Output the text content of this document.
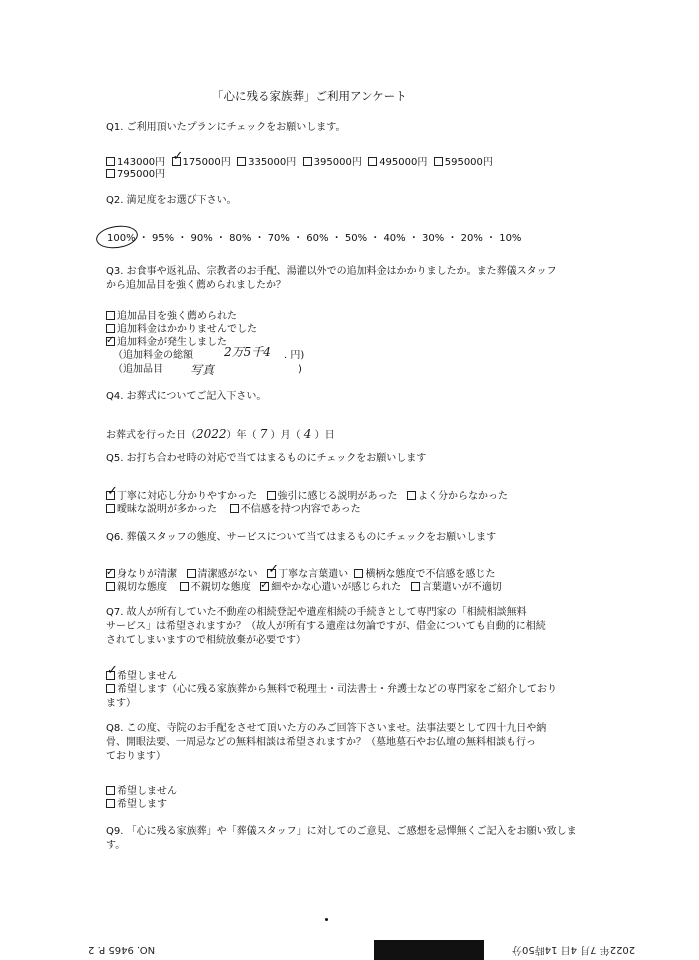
「心に残る家族葬」ご利用アンケート
Q1. ご利用頂いたプランにチェックをお願いします。
143000円 ✓ 175000円 335000円 395000円 495000円 595000円
795000円
Q2. 満足度をお選び下さい。
100% ・ 95% ・ 90% ・ 80% ・ 70% ・ 60% ・ 50% ・ 40% ・ 30% ・ 20% ・ 10%
Q3. お食事や返礼品、宗教者のお手配、湯灌以外での追加料金はかかりましたか。また葬儀スタッフ
から追加品目を強く薦められましたか？
追加品目を強く薦められた
追加料金はかかりませんでした
✓ 追加料金が発生しました
（追加料金の総額	2万5千4 . 円)
（追加品目 写真	)
Q4. お葬式についてご記入下さい。
お葬式を行った日（2022）年（ 7 ）月（ 4 ）日
Q5. お打ち合わせ時の対応で当てはまるものにチェックをお願いします
✓ 丁寧に対応し分かりやすかった 強引に感じる説明があった よく分からなかった
曖昧な説明が多かった 不信感を持つ内容であった
Q6. 葬儀スタッフの態度、サービスについて当てはまるものにチェックをお願いします
✓ 身なりが清潔 清潔感がない ✓ 丁寧な言葉遣い 横柄な態度で不信感を感じた
親切な態度 不親切な態度 ✓ 細やかな心遣いが感じられた 言葉遣いが不適切
Q7. 故人が所有していた不動産の相続登記や遺産相続の手続きとして専門家の「相続相談無料
サービス」は希望されますか？（故人が所有する遺産は勿論ですが、借金についても自動的に相続
されてしまいますので相続放棄が必要です）
✓ 希望しません
希望します（心に残る家族葬から無料で税理士・司法書士・弁護士などの専門家をご紹介しており
ます）
Q8. この度、寺院のお手配をさせて頂いた方のみご回答下さいませ。法事法要として四十九日や納
骨、開眼法要、一周忌などの無料相談は希望されますか？（墓地墓石やお仏壇の無料相談も行っ
ております）
希望しません
希望します
Q9. 「心に残る家族葬」や「葬儀スタッフ」に対してのご意見、ご感想を忌憚無くご記入をお願い致しま
す。
NO. 9465 P. 2	2022年 7月 4日 14時50分
